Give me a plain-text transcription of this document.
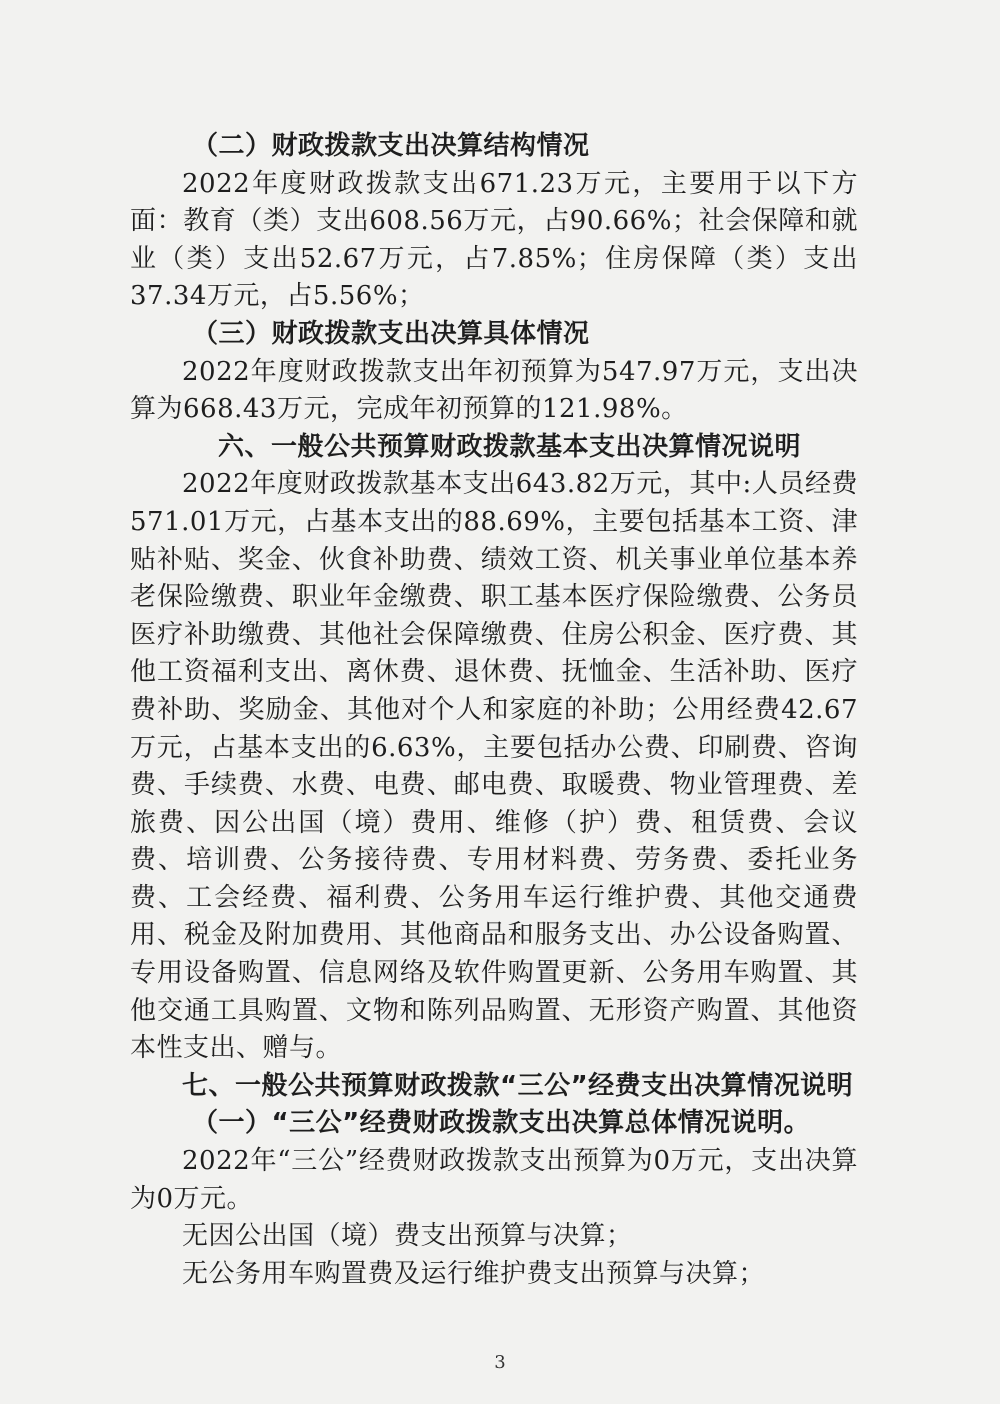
（二）财政拨款支出决算结构情况

2022年度财政拨款支出671.23万元，主要用于以下方面：教育（类）支出608.56万元，占90.66%；社会保障和就业（类）支出52.67万元，占7.85%；住房保障（类）支出37.34万元，占5.56%；

（三）财政拨款支出决算具体情况

2022年度财政拨款支出年初预算为547.97万元，支出决算为668.43万元，完成年初预算的121.98%。

六、一般公共预算财政拨款基本支出决算情况说明

2022年度财政拨款基本支出643.82万元，其中:人员经费571.01万元，占基本支出的88.69%，主要包括基本工资、津贴补贴、奖金、伙食补助费、绩效工资、机关事业单位基本养老保险缴费、职业年金缴费、职工基本医疗保险缴费、公务员医疗补助缴费、其他社会保障缴费、住房公积金、医疗费、其他工资福利支出、离休费、退休费、抚恤金、生活补助、医疗费补助、奖励金、其他对个人和家庭的补助；公用经费42.67万元，占基本支出的6.63%，主要包括办公费、印刷费、咨询费、手续费、水费、电费、邮电费、取暖费、物业管理费、差旅费、因公出国（境）费用、维修（护）费、租赁费、会议费、培训费、公务接待费、专用材料费、劳务费、委托业务费、工会经费、福利费、公务用车运行维护费、其他交通费用、税金及附加费用、其他商品和服务支出、办公设备购置、专用设备购置、信息网络及软件购置更新、公务用车购置、其他交通工具购置、文物和陈列品购置、无形资产购置、其他资本性支出、赠与。

七、一般公共预算财政拨款“三公”经费支出决算情况说明

（一）“三公”经费财政拨款支出决算总体情况说明。

2022年“三公”经费财政拨款支出预算为0万元，支出决算为0万元。

无因公出国（境）费支出预算与决算；

无公务用车购置费及运行维护费支出预算与决算；

3
